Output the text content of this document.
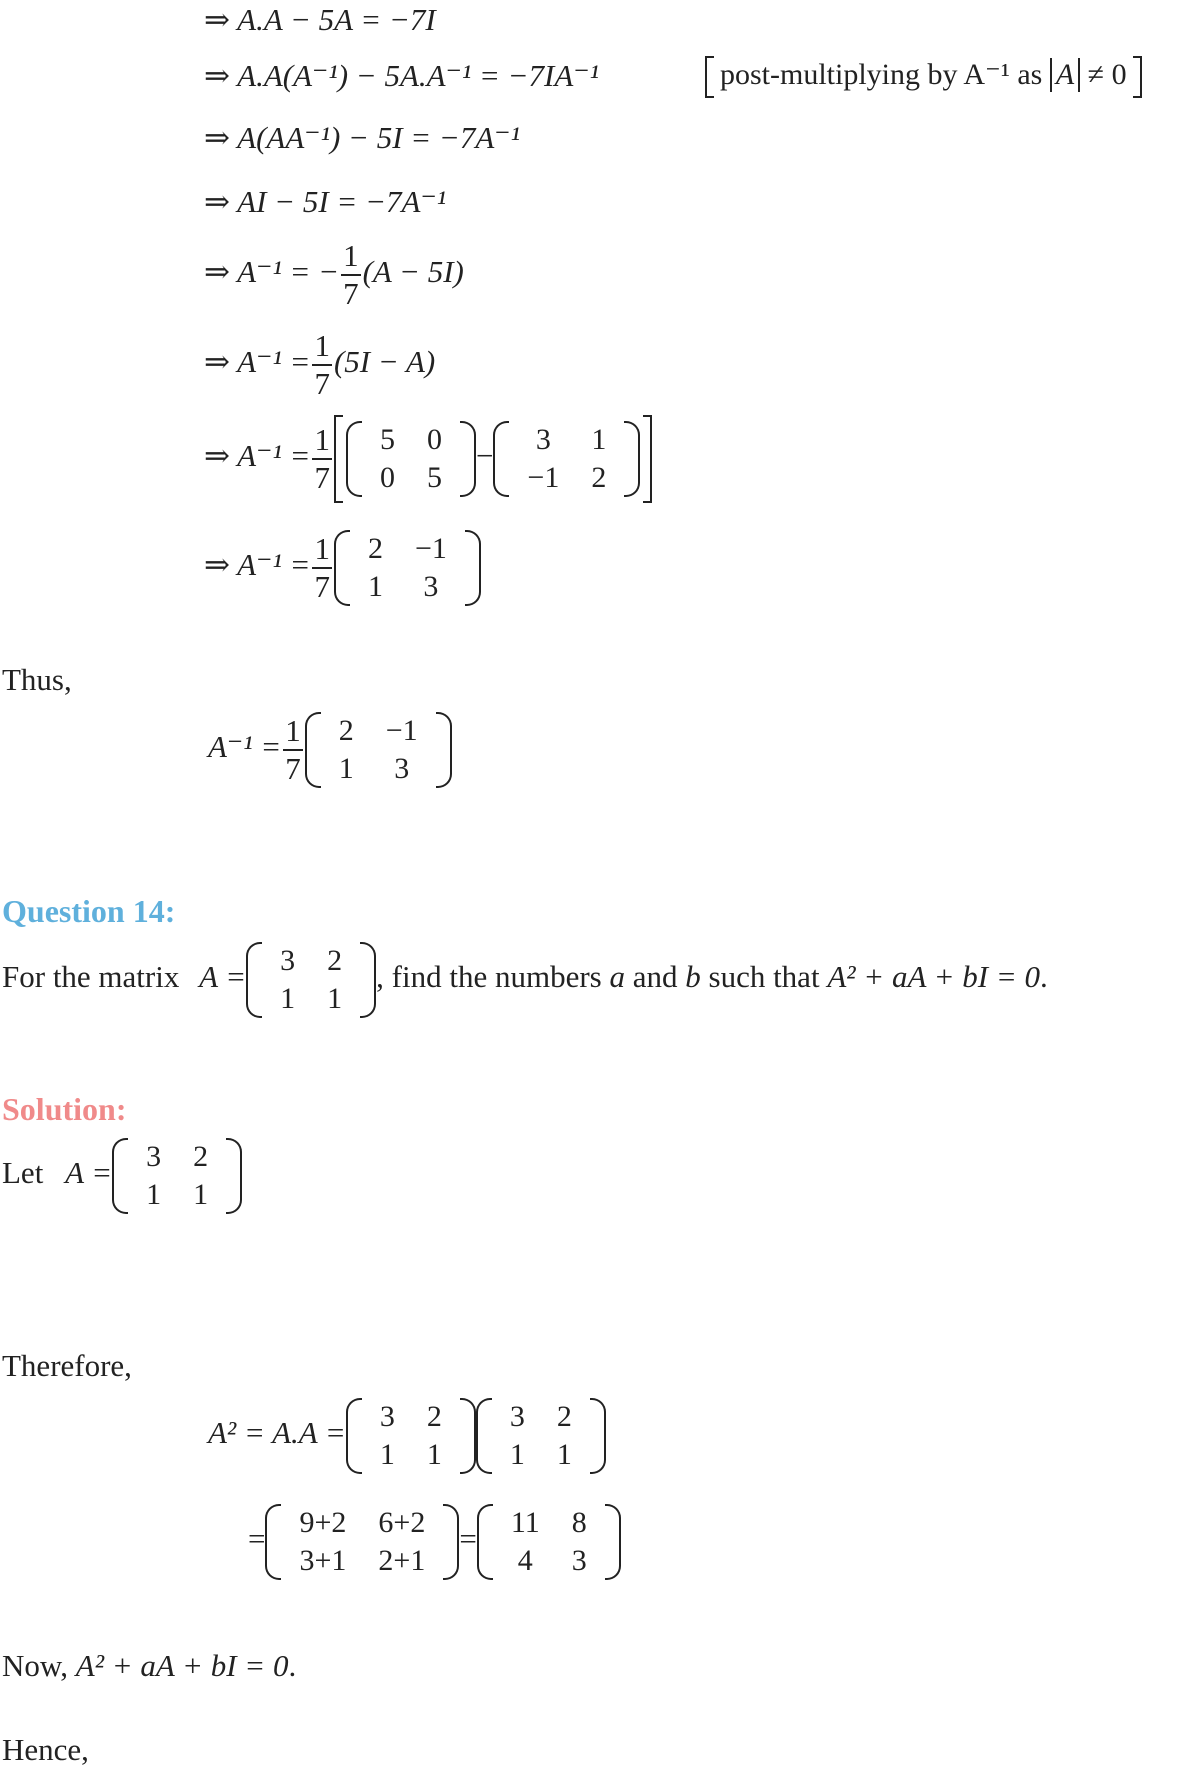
⇒ A.A − 5A = −7I
⇒ A.A(A⁻¹) − 5A.A⁻¹ = −7IA⁻¹	post-multiplying by A⁻¹ as A ≠ 0
⇒ A(AA⁻¹) − 5I = −7A⁻¹
⇒ AI − 5I = −7A⁻¹
⇒ A⁻¹ = − $\frac{1}{7} (A - 5I)$
⇒ $A^{-1} = \frac{1}{7} (5I - A)$
⇒ $A^{-1} = \frac{1}{7} 5$	0
0	5
− 3	1
−1	2
⇒ $A^{-1} = \frac{1}{7} 2$	−1
1	3
Thus,
$A^{-1} = \frac{1}{7} 2$	−1
1	3
Question 14:
For the matrix A = 3	2
1	1
, find the numbers a and b such that A² + aA + bI = 0.
Solution:
Let A = 3	2
1	1
Therefore,
A² = A.A = 3	2
1	1
3	2
1	1
= 9+2	6+2
3+1	2+1
= 11	8
4	3
Now, A² + aA + bI = 0.
Hence,
